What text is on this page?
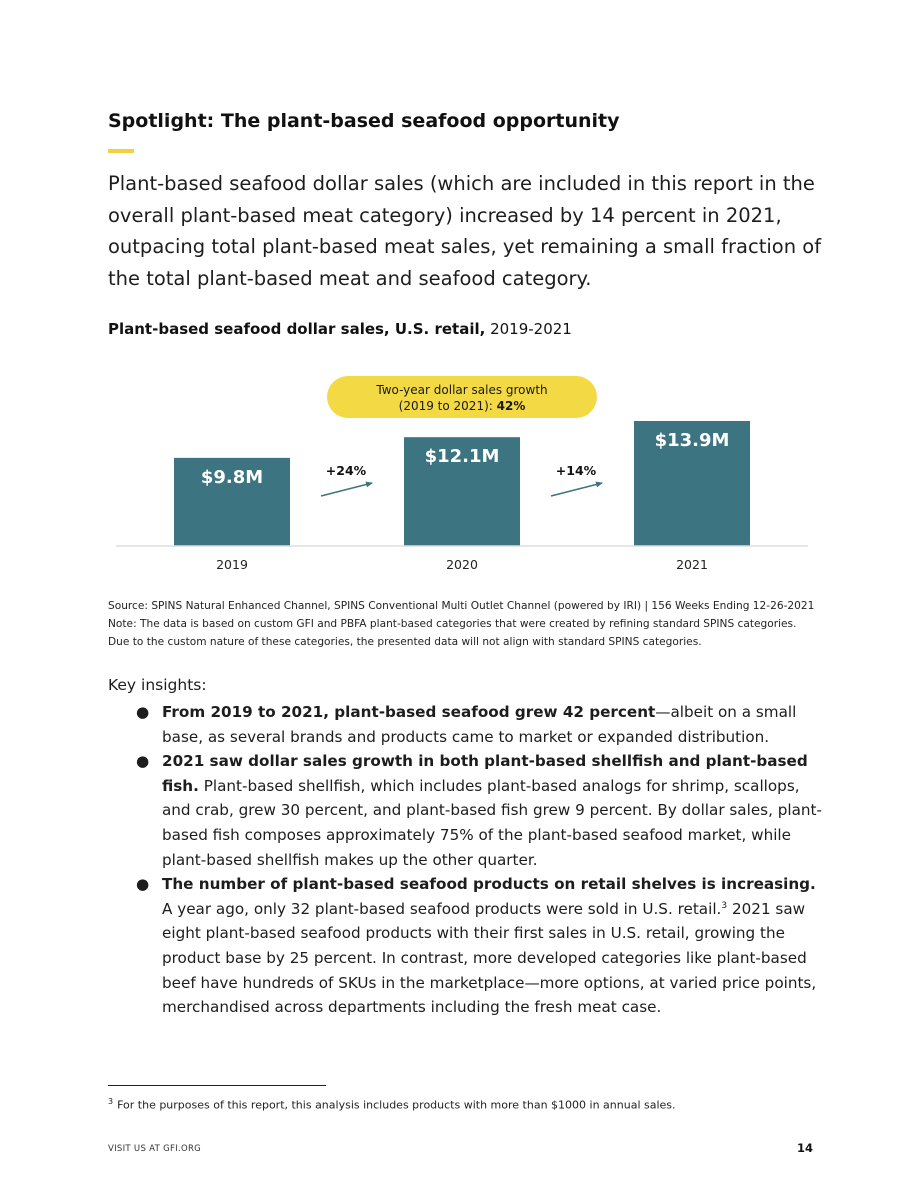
Spotlight: The plant-based seafood opportunity
Plant-based seafood dollar sales (which are included in this report in the overall plant-based meat category) increased by 14 percent in 2021, outpacing total plant-based meat sales, yet remaining a small fraction of the total plant-based meat and seafood category.
Plant-based seafood dollar sales, U.S. retail, 2019-2021
Two-year dollar sales growth
(2019 to 2021): 42%
$9.8M
2019
$12.1M
2020
$13.9M
2021
+24%	+14%
Source: SPINS Natural Enhanced Channel, SPINS Conventional Multi Outlet Channel (powered by IRI) | 156 Weeks Ending 12-26-2021 Note: The data is based on custom GFI and PBFA plant-based categories that were created by refining standard SPINS categories. Due to the custom nature of these categories, the presented data will not align with standard SPINS categories.
Key insights:
● From 2019 to 2021, plant-based seafood grew 42 percent—albeit on a small base, as several brands and products came to market or expanded distribution.
● 2021 saw dollar sales growth in both plant-based shellfish and plant-based fish. Plant-based shellfish, which includes plant-based analogs for shrimp, scallops, and crab, grew 30 percent, and plant-based fish grew 9 percent. By dollar sales, plant-based fish composes approximately 75% of the plant-based seafood market, while plant-based shellfish makes up the other quarter.
● The number of plant-based seafood products on retail shelves is increasing. A year ago, only 32 plant-based seafood products were sold in U.S. retail.$^3$ 2021 saw eight plant-based seafood products with their first sales in U.S. retail, growing the product base by 25 percent. In contrast, more developed categories like plant-based beef have hundreds of SKUs in the marketplace—more options, at varied price points, merchandised across departments including the fresh meat case.
$^3$ For the purposes of this report, this analysis includes products with more than $1000 in annual sales.
VISIT US AT GFI.ORG	14
